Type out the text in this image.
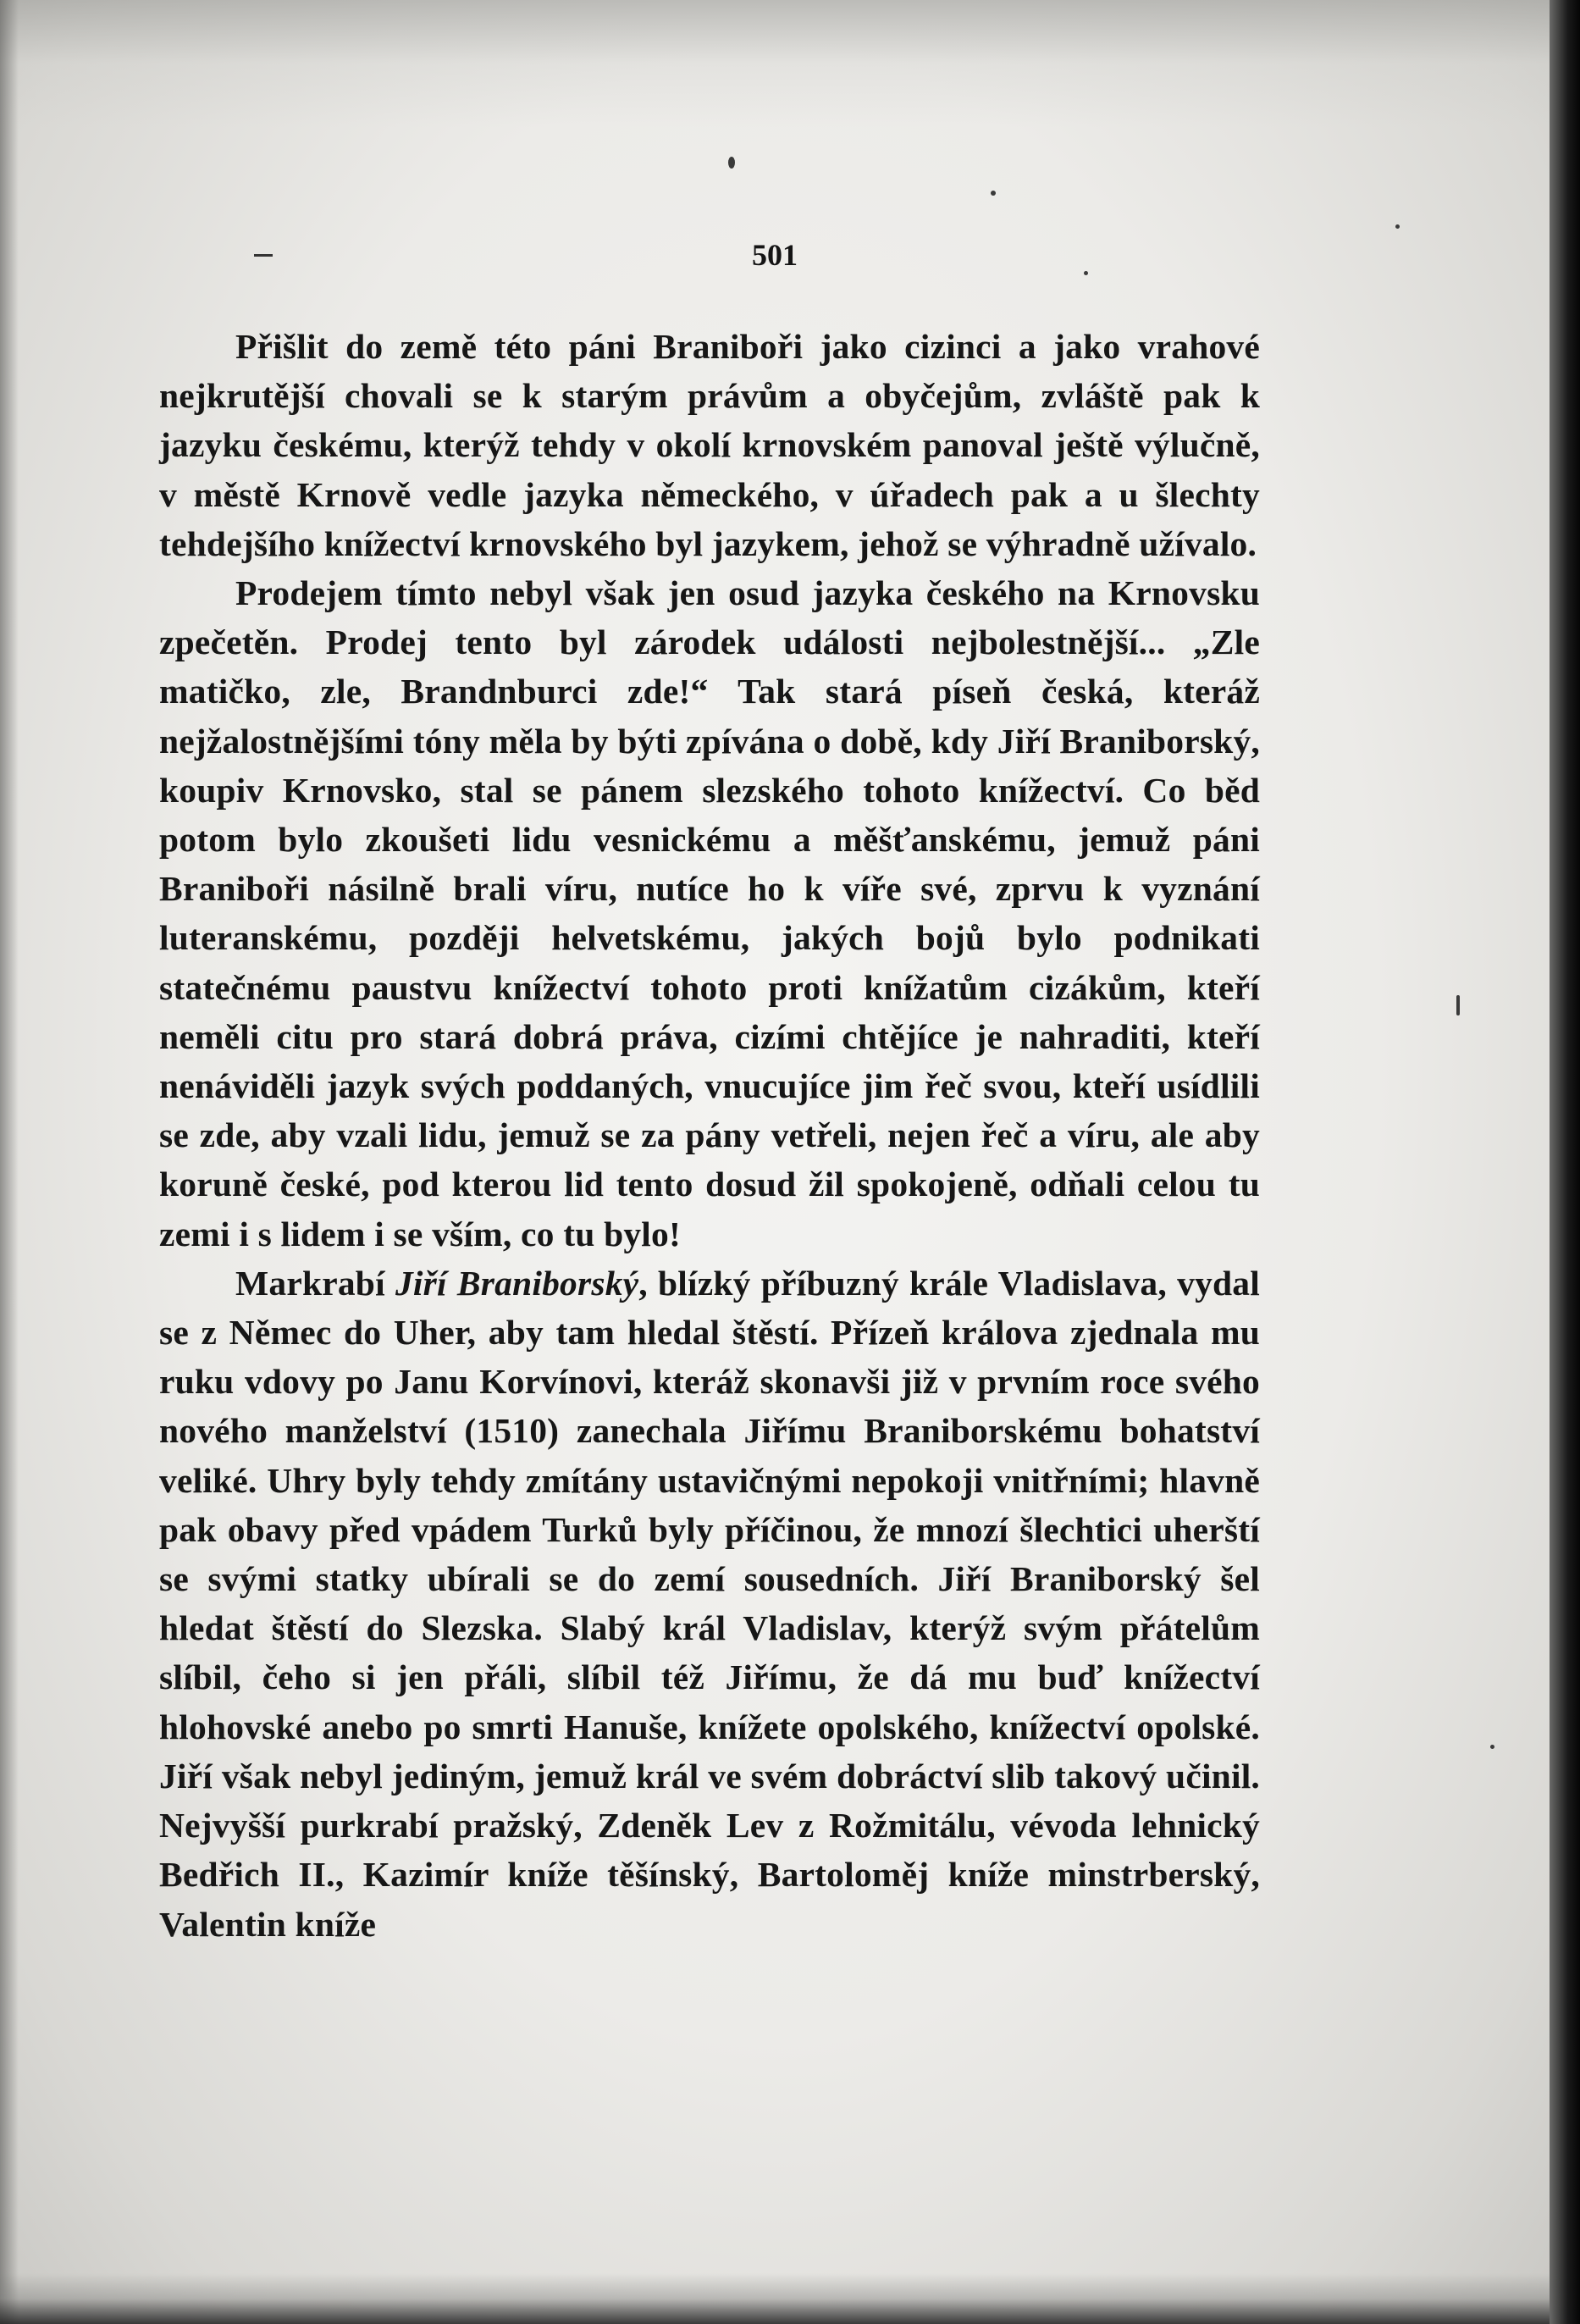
501

Přišlit do země této páni Braniboři jako cizinci a jako vrahové nejkrutější chovali se k starým právům a obyčejům, zvláště pak k jazyku českému, kterýž tehdy v okolí krnovském panoval ještě výlučně, v městě Krnově vedle jazyka německého, v úřadech pak a u šlechty tehdejšího knížectví krnovského byl jazykem, jehož se výhradně užívalo.

Prodejem tímto nebyl však jen osud jazyka českého na Krnovsku zpečetěn. Prodej tento byl zárodek události nejbolestnější... „Zle matičko, zle, Brandnburci zde!“ Tak stará píseň česká, kteráž nejžalostnějšími tóny měla by býti zpívána o době, kdy Jiří Braniborský, koupiv Krnovsko, stal se pánem slezského tohoto knížectví. Co běd potom bylo zkoušeti lidu vesnickému a měšťanskému, jemuž páni Braniboři násilně brali víru, nutíce ho k víře své, zprvu k vyznání luteranskému, později helvetskému, jakých bojů bylo podnikati statečnému paustvu knížectví tohoto proti knížatům cizákům, kteří neměli citu pro stará dobrá práva, cizími chtějíce je nahraditi, kteří nenáviděli jazyk svých poddaných, vnucujíce jim řeč svou, kteří usídlili se zde, aby vzali lidu, jemuž se za pány vetřeli, nejen řeč a víru, ale aby koruně české, pod kterou lid tento dosud žil spokojeně, odňali celou tu zemi i s lidem i se vším, co tu bylo!

Markrabí Jiří Braniborský, blízký příbuzný krále Vladislava, vydal se z Němec do Uher, aby tam hledal štěstí. Přízeň králova zjednala mu ruku vdovy po Janu Korvínovi, kteráž skonavši již v prvním roce svého nového manželství (1510) zanechala Jiřímu Braniborskému bohatství veliké. Uhry byly tehdy zmítány ustavičnými nepokoji vnitřními; hlavně pak obavy před vpádem Turků byly příčinou, že mnozí šlechtici uherští se svými statky ubírali se do zemí sousedních. Jiří Braniborský šel hledat štěstí do Slezska. Slabý král Vladislav, kterýž svým přátelům slíbil, čeho si jen přáli, slíbil též Jiřímu, že dá mu buď knížectví hlohovské anebo po smrti Hanuše, knížete opolského, knížectví opolské. Jiří však nebyl jediným, jemuž král ve svém dobráctví slib takový učinil. Nejvyšší purkrabí pražský, Zdeněk Lev z Rožmitálu, vévoda lehnický Bedřich II., Kazimír kníže těšínský, Bartoloměj kníže minstrberský, Valentin kníže
